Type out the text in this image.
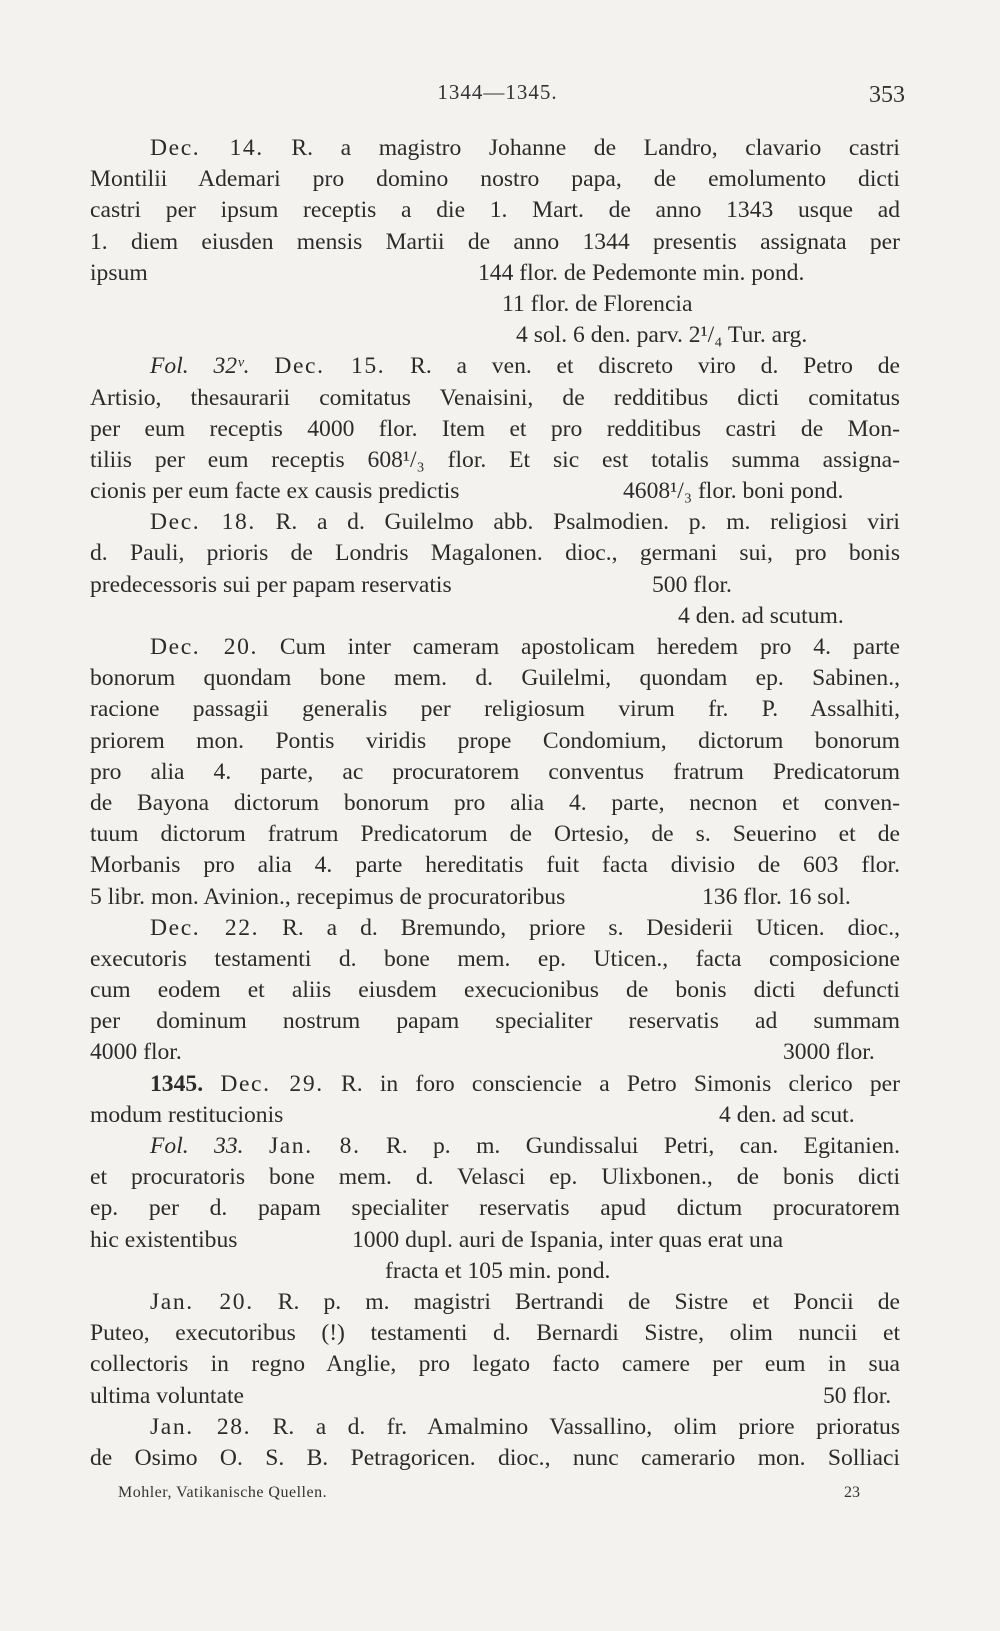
1344—1345.	353
Dec. 14. R. a magistro Johanne de Landro, clavario castri
Montilii Ademari pro domino nostro papa, de emolumento dicti
castri per ipsum receptis a die 1. Mart. de anno 1343 usque ad
1. diem eiusden mensis Martii de anno 1344 presentis assignata per
ipsum	144 flor. de Pedemonte min. pond.
11 flor. de Florencia
4 sol. 6 den. parv. 2¹/₄ Tur. arg.
Fol. 32ᵛ. Dec. 15. R. a ven. et discreto viro d. Petro de
Artisio, thesaurarii comitatus Venaisini, de redditibus dicti comitatus
per eum receptis 4000 flor. Item et pro redditibus castri de Mon-
tiliis per eum receptis 608¹/₃ flor. Et sic est totalis summa assigna-
cionis per eum facte ex causis predictis	4608¹/₃ flor. boni pond.
Dec. 18. R. a d. Guilelmo abb. Psalmodien. p. m. religiosi viri
d. Pauli, prioris de Londris Magalonen. dioc., germani sui, pro bonis
predecessoris sui per papam reservatis	500 flor.
4 den. ad scutum.
Dec. 20. Cum inter cameram apostolicam heredem pro 4. parte
bonorum quondam bone mem. d. Guilelmi, quondam ep. Sabinen.,
racione passagii generalis per religiosum virum fr. P. Assalhiti,
priorem mon. Pontis viridis prope Condomium, dictorum bonorum
pro alia 4. parte, ac procuratorem conventus fratrum Predicatorum
de Bayona dictorum bonorum pro alia 4. parte, necnon et conven-
tuum dictorum fratrum Predicatorum de Ortesio, de s. Seuerino et de
Morbanis pro alia 4. parte hereditatis fuit facta divisio de 603 flor.
5 libr. mon. Avinion., recepimus de procuratoribus	136 flor. 16 sol.
Dec. 22. R. a d. Bremundo, priore s. Desiderii Uticen. dioc.,
executoris testamenti d. bone mem. ep. Uticen., facta composicione
cum eodem et aliis eiusdem execucionibus de bonis dicti defuncti
per dominum nostrum papam specialiter reservatis ad summam
4000 flor.	3000 flor.
1345. Dec. 29. R. in foro consciencie a Petro Simonis clerico per
modum restitucionis	4 den. ad scut.
Fol. 33. Jan. 8. R. p. m. Gundissalui Petri, can. Egitanien.
et procuratoris bone mem. d. Velasci ep. Ulixbonen., de bonis dicti
ep. per d. papam specialiter reservatis apud dictum procuratorem
hic existentibus	1000 dupl. auri de Ispania, inter quas erat una
fracta et 105 min. pond.
Jan. 20. R. p. m. magistri Bertrandi de Sistre et Poncii de
Puteo, executoribus (!) testamenti d. Bernardi Sistre, olim nuncii et
collectoris in regno Anglie, pro legato facto camere per eum in sua
ultima voluntate	50 flor.
Jan. 28. R. a d. fr. Amalmino Vassallino, olim priore prioratus
de Osimo O. S. B. Petragoricen. dioc., nunc camerario mon. Solliaci
Mohler, Vatikanische Quellen.	23
